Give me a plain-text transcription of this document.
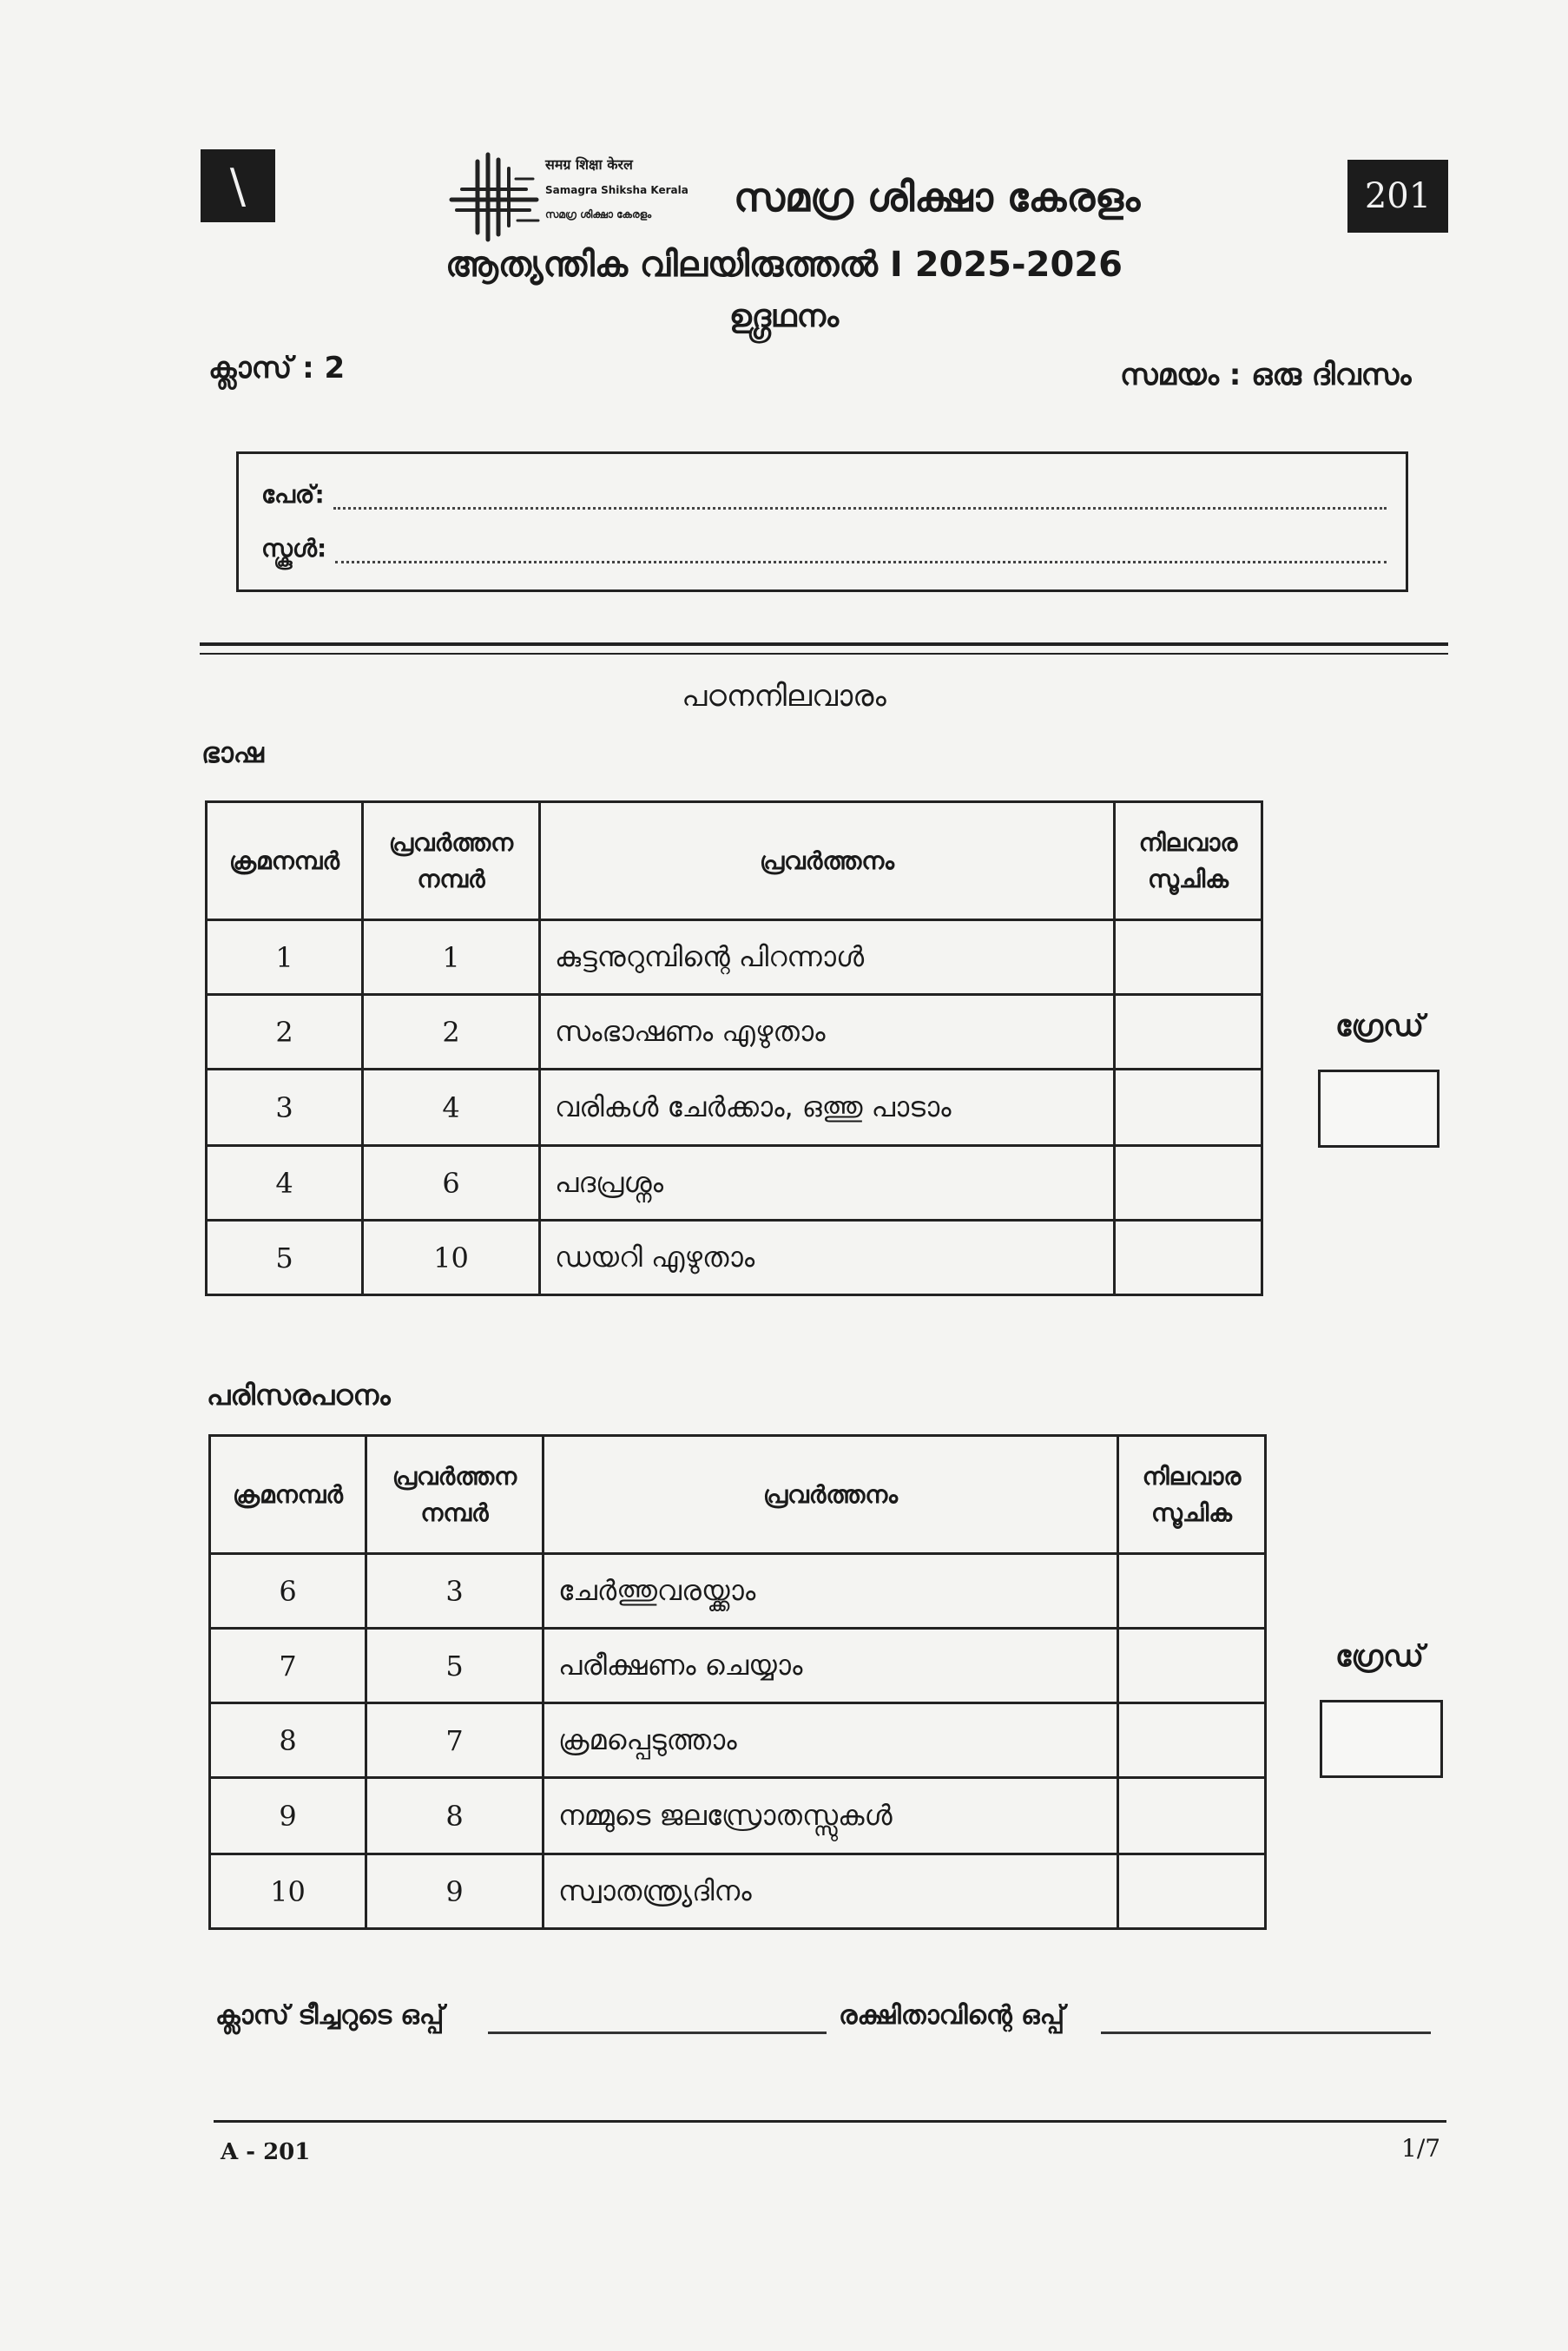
\	समग्र शिक्षा केरल
Samagra Shiksha Kerala
സമഗ്ര ശിക്ഷാ കേരളം സമഗ്ര ശിക്ഷാ കേരളം	201
ആത്യന്തിക വിലയിരുത്തൽ I 2025-2026
ഉദ്ഗ്രഥനം
ക്ലാസ് : 2	സമയം : ഒരു ദിവസം
പേര്:
സ്കൂൾ:
പഠനനിലവാരം
ഭാഷ
ക്രമനമ്പർ	പ്രവർത്തന നമ്പർ	പ്രവർത്തനം	നിലവാര സൂചിക
1	1	കുട്ടനുറുമ്പിന്റെ പിറന്നാൾ	
2	2	സംഭാഷണം എഴുതാം	
3	4	വരികൾ ചേർക്കാം, ഒത്തു പാടാം	
4	6	പദപ്രശ്നം	
5	10	ഡയറി എഴുതാം	
ഗ്രേഡ്
പരിസരപഠനം
ക്രമനമ്പർ	പ്രവർത്തന നമ്പർ	പ്രവർത്തനം	നിലവാര സൂചിക
6	3	ചേർത്തുവരയ്ക്കാം	
7	5	പരീക്ഷണം ചെയ്യാം	
8	7	ക്രമപ്പെടുത്താം	
9	8	നമ്മുടെ ജലസ്രോതസ്സുകൾ	
10	9	സ്വാതന്ത്ര്യദിനം	
ഗ്രേഡ്
ക്ലാസ് ടീച്ചറുടെ ഒപ്പ്	രക്ഷിതാവിന്റെ ഒപ്പ്
A - 201	1/7
